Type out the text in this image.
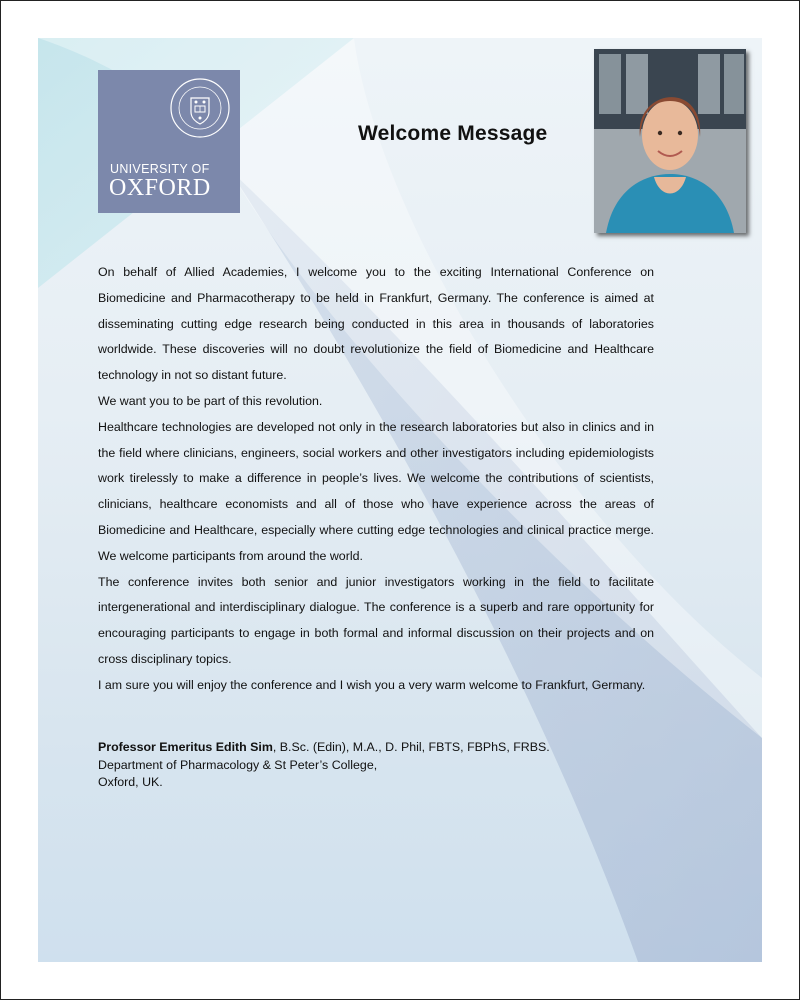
UNIVERSITY OF
OXFORD
Welcome Message

On behalf of Allied Academies, I welcome you to the exciting International Conference on Biomedicine and Pharmacotherapy to be held in Frankfurt, Germany. The conference is aimed at disseminating cutting edge research being conducted in this area in thousands of laboratories worldwide. These discoveries will no doubt revolutionize the field of Biomedicine and Healthcare technology in not so distant future.

We want you to be part of this revolution.

Healthcare technologies are developed not only in the research laboratories but also in clinics and in the field where clinicians, engineers, social workers and other investigators including epidemiologists work tirelessly to make a difference in people’s lives. We welcome the contributions of scientists, clinicians, healthcare economists and all of those who have experience across the areas of Biomedicine and Healthcare, especially where cutting edge technologies and clinical practice merge. We welcome participants from around the world.

The conference invites both senior and junior investigators working in the field to facilitate intergenerational and interdisciplinary dialogue. The conference is a superb and rare opportunity for encouraging participants to engage in both formal and informal discussion on their projects and on cross disciplinary topics.

I am sure you will enjoy the conference and I wish you a very warm welcome to Frankfurt, Germany.

Professor Emeritus Edith Sim, B.Sc. (Edin), M.A., D. Phil, FBTS, FBPhS, FRBS.
Department of Pharmacology & St Peter’s College,
Oxford, UK.
